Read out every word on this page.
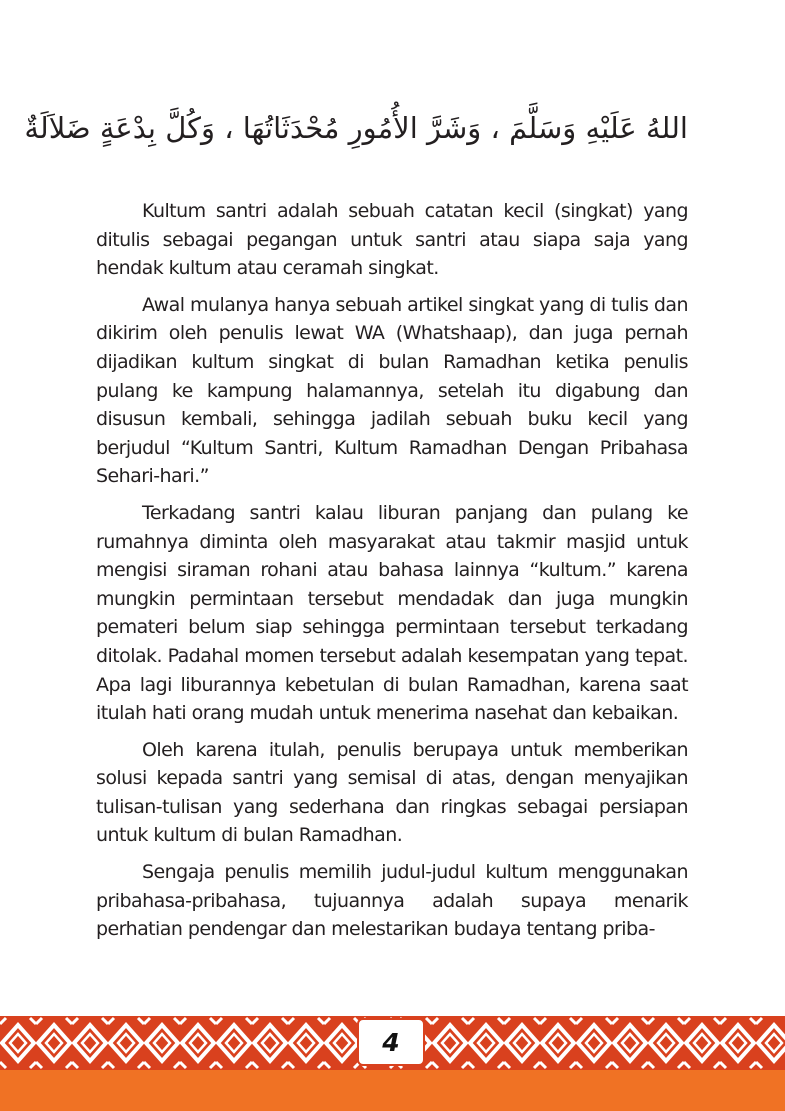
اللهُ عَلَيْهِ وَسَلَّمَ ، وَشَرَّ الأُمُورِ مُحْدَثَاتُهَا ، وَكُلَّ بِدْعَةٍ ضَلاَلَةٌ

Kultum santri adalah sebuah catatan kecil (singkat) yang ditulis sebagai pegangan untuk santri atau siapa saja yang hendak kultum atau ceramah singkat.

Awal mulanya hanya sebuah artikel singkat yang di tulis dan dikirim oleh penulis lewat WA (Whatshaap), dan juga pernah dijadikan kultum singkat di bulan Ramadhan ketika penulis pulang ke kampung halamannya, setelah itu digabung dan disusun kembali, sehingga jadilah sebuah buku kecil yang berjudul “Kultum Santri, Kultum Ramadhan Dengan Pribahasa Sehari-hari.”

Terkadang santri kalau liburan panjang dan pulang ke rumahnya diminta oleh masyarakat atau takmir masjid untuk mengisi siraman rohani atau bahasa lainnya “kultum.” karena mungkin permintaan tersebut mendadak dan juga mungkin pemateri belum siap sehingga permintaan tersebut terkadang ditolak. Padahal momen tersebut adalah kesempatan yang tepat. Apa lagi liburannya kebetulan di bulan Ramadhan, karena saat itulah hati orang mudah untuk menerima nasehat dan kebaikan.

Oleh karena itulah, penulis berupaya untuk memberikan solusi kepada santri yang semisal di atas, dengan menyajikan tulisan-tulisan yang sederhana dan ringkas sebagai persiapan untuk kultum di bulan Ramadhan.

Sengaja penulis memilih judul-judul kultum menggunakan pribahasa-pribahasa, tujuannya adalah supaya menarik perhatian pendengar dan melestarikan budaya tentang priba-

4
